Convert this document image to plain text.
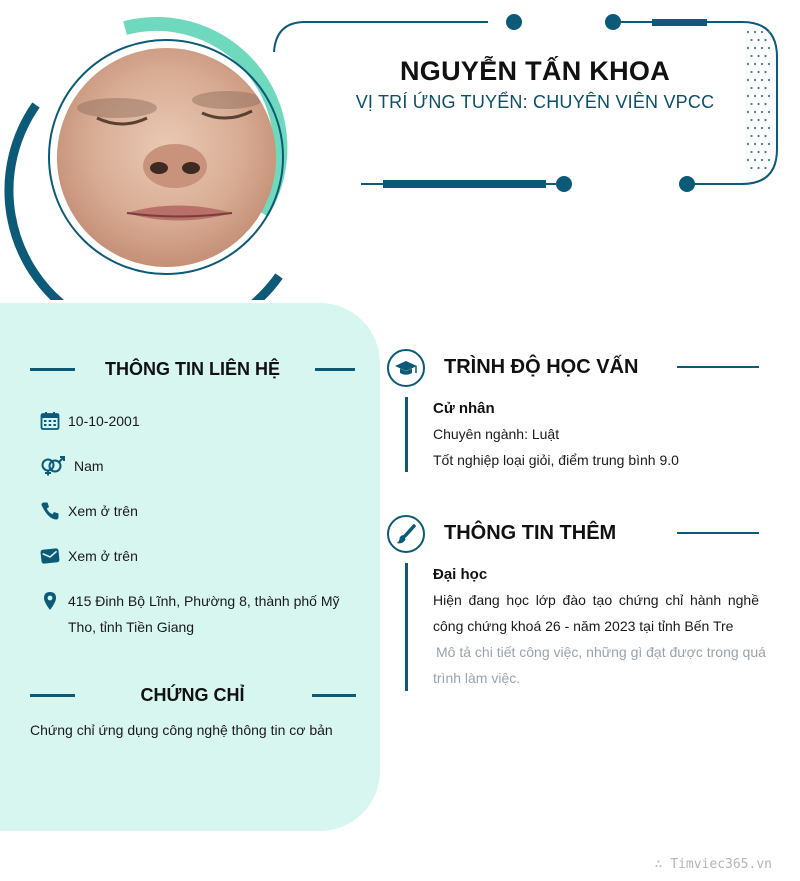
NGUYỄN TẤN KHOA
VỊ TRÍ ỨNG TUYỂN: CHUYÊN VIÊN VPCC
THÔNG TIN LIÊN HỆ
10-10-2001
Nam
Xem ở trên
Xem ở trên
415 Đinh Bộ Lĩnh, Phường 8, thành phố Mỹ Tho, tỉnh Tiền Giang
CHỨNG CHỈ
Chứng chỉ ứng dụng công nghệ thông tin cơ bản
TRÌNH ĐỘ HỌC VẤN
Cử nhân
Chuyên ngành: Luật
Tốt nghiệp loại giỏi, điểm trung bình 9.0
THÔNG TIN THÊM
Đại học
Hiện đang học lớp đào tạo chứng chỉ hành nghề công chứng khoá 26 - năm 2023 tại tỉnh Bến Tre
Mô tả chi tiết công việc, những gì đạt được trong quá trình làm việc.
∴ Timviec365.vn
